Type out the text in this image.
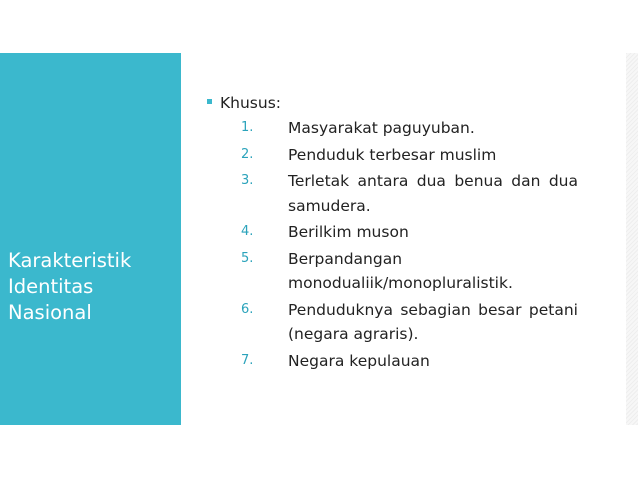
Karakteristik
Identitas
Nasional
Khusus:
1.	Masyarakat paguyuban.
2.	Penduduk terbesar muslim
3.	Terletak antara dua benua dan dua samudera.
4.	Berilkim muson
5.	Berpandangan monodualiik/monopluralistik.
6.	Penduduknya sebagian besar petani (negara agraris).
7.	Negara kepulauan
